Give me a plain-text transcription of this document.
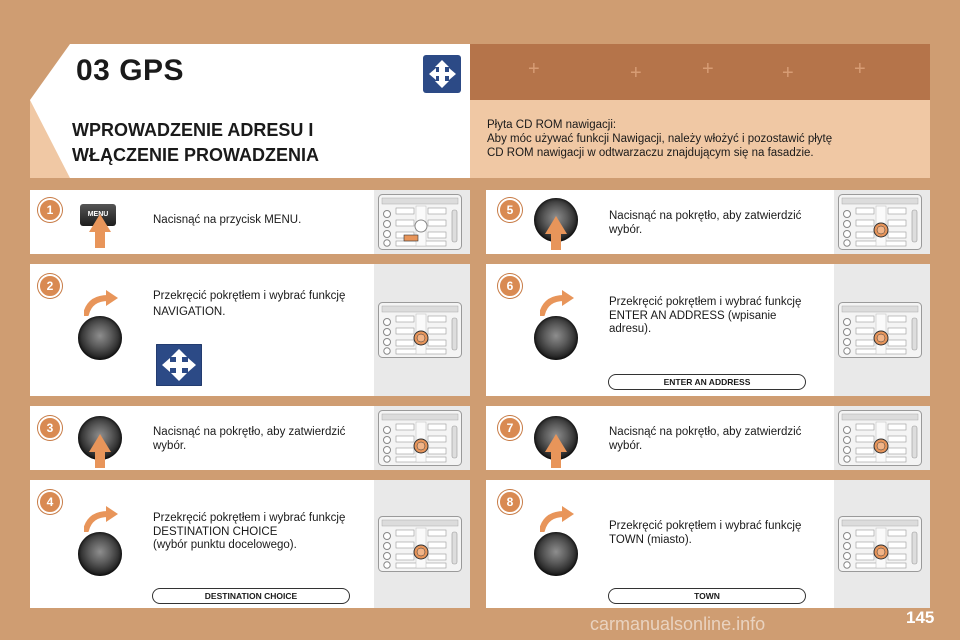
03 GPS	+	+	+	+	+
WPROWADZENIE ADRESU I
WŁĄCZENIE PROWADZENIA
Płyta CD ROM nawigacji:
Aby móc używać funkcji Nawigacji, należy włożyć i pozostawić płytę
CD ROM nawigacji w odtwarzaczu znajdującym się na fasadzie.
1	MENU	Nacisnąć na przycisk MENU.
2
Przekręcić pokrętłem i wybrać funkcję
NAVIGATION.
3	Nacisnąć na pokrętło, aby zatwierdzić
wybór.
4
Przekręcić pokrętłem i wybrać funkcję
DESTINATION CHOICE
(wybór punktu docelowego).
DESTINATION CHOICE
5	Nacisnąć na pokrętło, aby zatwierdzić
wybór.
6
Przekręcić pokrętłem i wybrać funkcję
ENTER AN ADDRESS (wpisanie
adresu).
ENTER AN ADDRESS
7	Nacisnąć na pokrętło, aby zatwierdzić
wybór.
8
Przekręcić pokrętłem i wybrać funkcję
TOWN (miasto).
TOWN
carmanualsonline.info	145
